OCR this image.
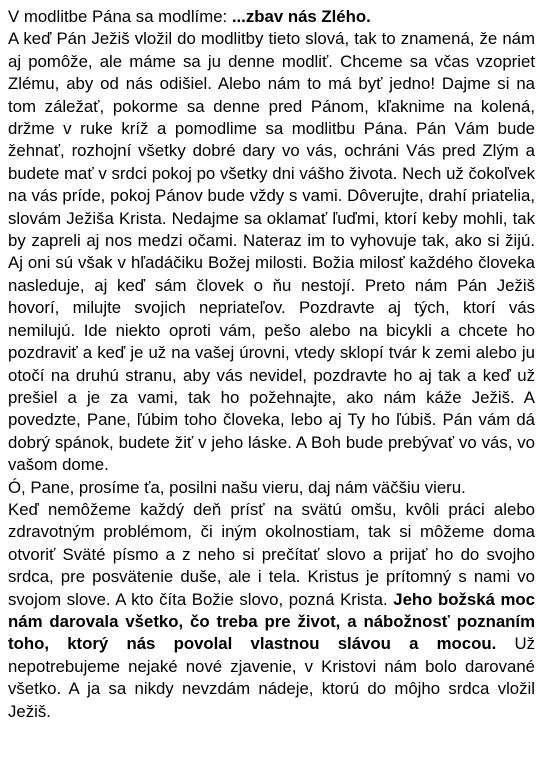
V modlitbe Pána sa modlíme: ...zbav nás Zlého.

A keď Pán Ježiš vložil do modlitby tieto slová, tak to znamená, že nám aj pomôže, ale máme sa ju denne modliť. Chceme sa včas vzopriet Zlému, aby od nás odišiel. Alebo nám to má byť jedno! Dajme si na tom záležať, pokorme sa denne pred Pánom, kľaknime na kolená, držme v ruke kríž a pomodlime sa modlitbu Pána. Pán Vám bude žehnať, rozhojní všetky dobré dary vo vás, ochráni Vás pred Zlým a budete mať v srdci pokoj po všetky dni vášho života. Nech už čokoľvek na vás príde, pokoj Pánov bude vždy s vami. Dôverujte, drahí priatelia, slovám Ježiša Krista. Nedajme sa oklamať ľuďmi, ktorí keby mohli, tak by zapreli aj nos medzi očami. Nateraz im to vyhovuje tak, ako si žijú. Aj oni sú však v hľadáčiku Božej milosti. Božia milosť každého človeka nasleduje, aj keď sám človek o ňu nestojí. Preto nám Pán Ježiš hovorí, milujte svojich nepriateľov. Pozdravte aj tých, ktorí vás nemilujú. Ide niekto oproti vám, pešo alebo na bicykli a chcete ho pozdraviť a keď je už na vašej úrovni, vtedy sklopí tvár k zemi alebo ju otočí na druhú stranu, aby vás nevidel, pozdravte ho aj tak a keď už prešiel a je za vami, tak ho požehnajte, ako nám káže Ježiš. A povedzte, Pane, ľúbim toho človeka, lebo aj Ty ho ľúbiš. Pán vám dá dobrý spánok, budete žiť v jeho láske. A Boh bude prebývať vo vás, vo vašom dome.

Ó, Pane, prosíme ťa, posilni našu vieru, daj nám väčšiu vieru.

Keď nemôžeme každý deň prísť na svätú omšu, kvôli práci alebo zdravotným problémom, či iným okolnostiam, tak si môžeme doma otvoriť Sväté písmo a z neho si prečítať slovo a prijať ho do svojho srdca, pre posvätenie duše, ale i tela. Kristus je prítomný s nami vo svojom slove. A kto číta Božie slovo, pozná Krista. Jeho božská moc nám darovala všetko, čo treba pre život, a nábožnosť poznaním toho, ktorý nás povolal vlastnou slávou a mocou. Už nepotrebujeme nejaké nové zjavenie, v Kristovi nám bolo darované všetko. A ja sa nikdy nevzdám nádeje, ktorú do môjho srdca vložil Ježiš.
